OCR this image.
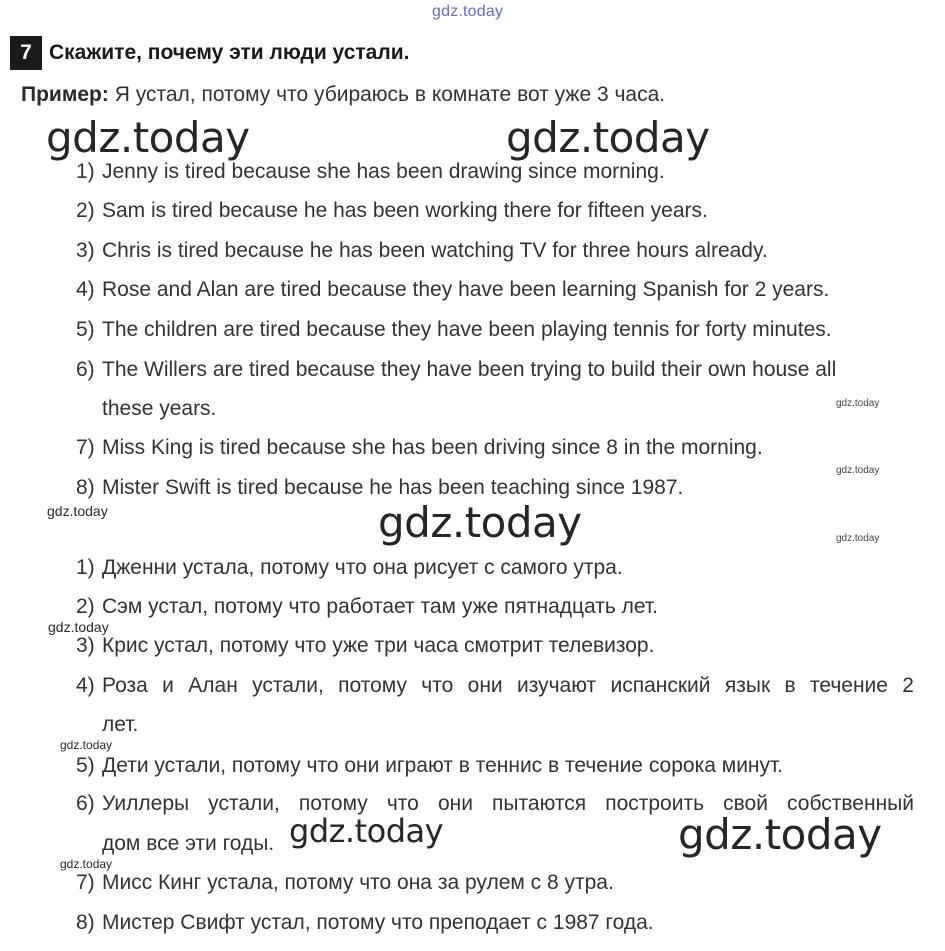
gdz.today
7 Скажите, почему эти люди устали.
Пример: Я устал, потому что убираюсь в комнате вот уже 3 часа.
gdz.today	gdz.today
1) Jenny is tired because she has been drawing since morning.
2) Sam is tired because he has been working there for fifteen years.
3) Chris is tired because he has been watching TV for three hours already.
4) Rose and Alan are tired because they have been learning Spanish for 2 years.
5) The children are tired because they have been playing tennis for forty minutes.
6) The Willers are tired because they have been trying to build their own house all
these years.
7) Miss King is tired because she has been driving since 8 in the morning.
8) Mister Swift is tired because he has been teaching since 1987.
gdz.today
gdz.today
gdz.today
gdz.today	gdz.today
1) Дженни устала, потому что она рисует с самого утра.
2) Сэм устал, потому что работает там уже пятнадцать лет.
gdz.today
3) Крис устал, потому что уже три часа смотрит телевизор.
4) Роза и Алан устали, потому что они изучают испанский язык в течение 2
лет.
gdz.today
5) Дети устали, потому что они играют в теннис в течение сорока минут.
6) Уиллеры устали, потому что они пытаются построить свой собственный
дом все эти годы. gdz.today	gdz.today
gdz.today
7) Мисс Кинг устала, потому что она за рулем с 8 утра.
8) Мистер Свифт устал, потому что преподает с 1987 года.
